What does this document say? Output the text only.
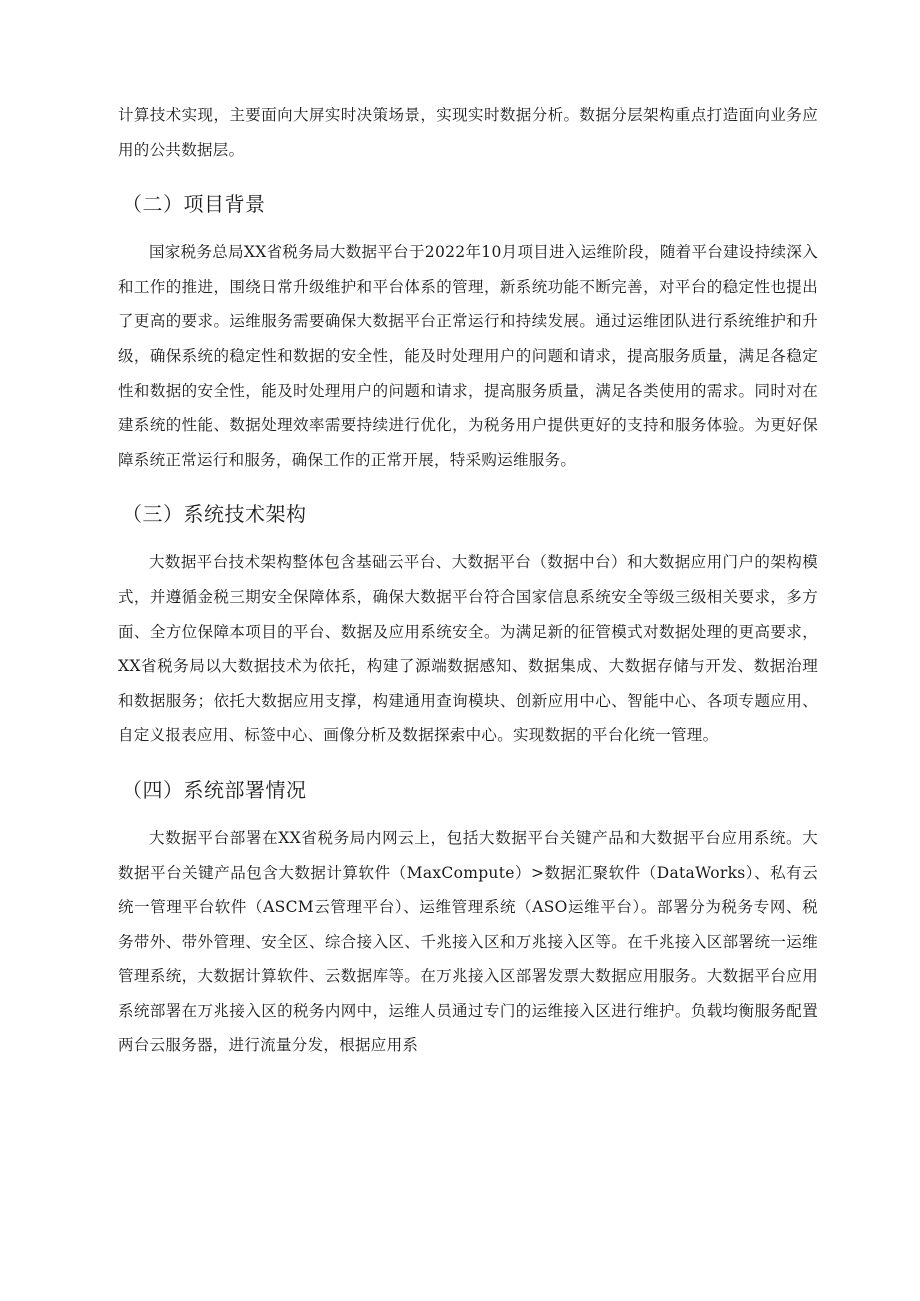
计算技术实现，主要面向大屏实时决策场景，实现实时数据分析。数据分层架构重点打造面向业务应用的公共数据层。

（二）项目背景

国家税务总局XX省税务局大数据平台于2022年10月项目进入运维阶段，随着平台建设持续深入和工作的推进，围绕日常升级维护和平台体系的管理，新系统功能不断完善，对平台的稳定性也提出了更高的要求。运维服务需要确保大数据平台正常运行和持续发展。通过运维团队进行系统维护和升级，确保系统的稳定性和数据的安全性，能及时处理用户的问题和请求，提高服务质量，满足各稳定性和数据的安全性，能及时处理用户的问题和请求，提高服务质量，满足各类使用的需求。同时对在建系统的性能、数据处理效率需要持续进行优化，为税务用户提供更好的支持和服务体验。为更好保障系统正常运行和服务，确保工作的正常开展，特采购运维服务。

（三）系统技术架构

大数据平台技术架构整体包含基础云平台、大数据平台（数据中台）和大数据应用门户的架构模式，并遵循金税三期安全保障体系，确保大数据平台符合国家信息系统安全等级三级相关要求，多方面、全方位保障本项目的平台、数据及应用系统安全。为满足新的征管模式对数据处理的更高要求，XX省税务局以大数据技术为依托，构建了源端数据感知、数据集成、大数据存储与开发、数据治理和数据服务；依托大数据应用支撑，构建通用查询模块、创新应用中心、智能中心、各项专题应用、自定义报表应用、标签中心、画像分析及数据探索中心。实现数据的平台化统一管理。

（四）系统部署情况

大数据平台部署在XX省税务局内网云上，包括大数据平台关键产品和大数据平台应用系统。大数据平台关键产品包含大数据计算软件（MaxCompute）>数据汇聚软件（DataWorks）、私有云统一管理平台软件（ASCM云管理平台）、运维管理系统（ASO运维平台）。部署分为税务专网、税务带外、带外管理、安全区、综合接入区、千兆接入区和万兆接入区等。在千兆接入区部署统一运维管理系统，大数据计算软件、云数据库等。在万兆接入区部署发票大数据应用服务。大数据平台应用系统部署在万兆接入区的税务内网中，运维人员通过专门的运维接入区进行维护。负载均衡服务配置两台云服务器，进行流量分发，根据应用系
